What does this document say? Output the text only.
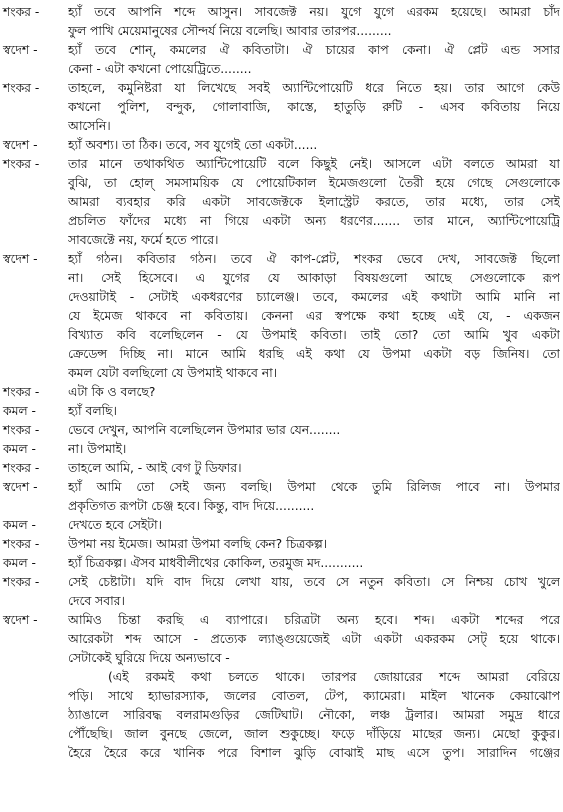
শংকর -	হ্যাঁ তবে আপনি শব্দে আসুন। সাবজেক্ট নয়। যুগে যুগে এরকম হয়েছে। আমরা চাঁদ
ফুল পাখি মেয়েমানুষের সৌন্দর্য নিয়ে বলেছি। আবার তারপর.........
স্বদেশ -	হ্যাঁ তবে শোন্‌, কমলের ঐ কবিতাটা। ঐ চায়ের কাপ কেনা। ঐ প্লেট এন্ড সসার
কেনা - এটা কখনো পোয়েট্রিতে........
শংকর -	তাহলে, কমুনিষ্টরা যা লিখেছে সবই অ্যান্টিপোয়েটি ধরে নিতে হয়। তার আগে কেউ
কখনো পুলিশ, বন্দুক, গোলাবাজি, কাস্তে, হাতুড়ি রুটি - এসব কবিতায় নিয়ে
আসেনি।
স্বদেশ -	হ্যাঁ অবশ্য। তা ঠিক। তবে, সব যুগেই তো একটা......
শংকর -	তার মানে তথাকথিত অ্যান্টিপোয়েটি বলে কিছুই নেই। আসলে এটা বলতে আমরা যা
বুঝি, তা হোল্‌ সমসাময়িক যে পোয়েটিকাল ইমেজগুলো তৈরী হয়ে গেছে সেগুলোকে
আমরা ব্যবহার করি একটা সাবজেক্টকে ইলাস্ট্রেট করতে, তার মধ্যে, তার সেই
প্রচলিত ফাঁদের মধ্যে না গিয়ে একটা অন্য ধরণের....... তার মানে, অ্যান্টিপোয়েট্রি
সাবজেক্টে নয়, ফর্মে হতে পারে।
স্বদেশ -	হ্যাঁ গঠন। কবিতার গঠন। তবে ঐ কাপ-প্লেট, শংকর ভেবে দেখ, সাবজেক্ট ছিলো
না। সেই হিসেবে। এ যুগের যে আকাড়া বিষয়গুলো আছে সেগুলোকে রূপ
দেওয়াটাই - সেটাই একধরণের চ্যালেঞ্জ। তবে, কমলের এই কথাটা আমি মানি না
যে ইমেজ থাকবে না কবিতায়। কেননা এর স্বপক্ষে কথা হচ্ছে এই যে, - একজন
বিখ্যাত কবি বলেছিলেন - যে উপমাই কবিতা। তাই তো? তো আমি খুব একটা
ক্রেডেন্স দিচ্ছি না। মানে আমি ধরছি এই কথা যে উপমা একটা বড় জিনিষ। তো
কমল যেটা বলছিলো যে উপমাই থাকবে না।
শংকর -	এটা কি ও বলছে?
কমল -	হ্যাঁ বলছি।
শংকর -	ভেবে দেখুন, আপনি বলেছিলেন উপমার ভার যেন........
কমল -	না। উপমাই।
শংকর -	তাহলে আমি, - আই বেগ টু ডিফার।
স্বদেশ -	হ্যাঁ আমি তো সেই জন্য বলছি। উপমা থেকে তুমি রিলিজ পাবে না। উপমার
প্রকৃতিগত রূপটা চেঞ্জ হবে। কিন্তু, বাদ দিয়ে..........
কমল -	দেখতে হবে সেইটা।
শংকর -	উপমা নয় ইমেজ। আমরা উপমা বলছি কেন? চিত্রকল্প।
কমল -	হ্যাঁ চিত্রকল্প। ঐসব মাধবীলীথের কোকিল, তরমুজ মদ...........
শংকর -	সেই চেষ্টাটা। যদি বাদ দিয়ে লেখা যায়, তবে সে নতুন কবিতা। সে নিশ্চয় চোখ খুলে
দেবে সবার।
স্বদেশ -	আমিও চিন্তা করছি এ ব্যাপারে। চরিত্রটা অন্য হবে। শব্দ। একটা শব্দের পরে
আরেকটা শব্দ আসে - প্রত্যেক ল্যাঙ্গুয়েজেই এটা একটা একরকম সেট্‌ হয়ে থাকে।
সেটাকেই ঘুরিয়ে দিয়ে অন্যভাবে -
(এই রকমই কথা চলতে থাকে। তারপর জোয়ারের শব্দে আমরা বেরিয়ে
পড়ি। সাথে হ্যাভারস্যাক, জলের বোতল, টেপ, ক্যামেরা। মাইল খানেক কেয়াঝোপ
ঠ্যাঙালে সারিবদ্ধ বলরামগুড়ির জেটিঘাট। নৌকো, লঞ্চ ট্রলার। আমরা সমুদ্র ধারে
পৌঁছেছি। জাল বুনছে জেলে, জাল শুকুচ্ছে। ফড়ে দাঁড়িয়ে মাছের জন্য। মেছো কুকুর।
হৈরে হৈরে করে খানিক পরে বিশাল ঝুড়ি বোঝাই মাছ এসে তুপ। সারাদিন গঞ্জের
